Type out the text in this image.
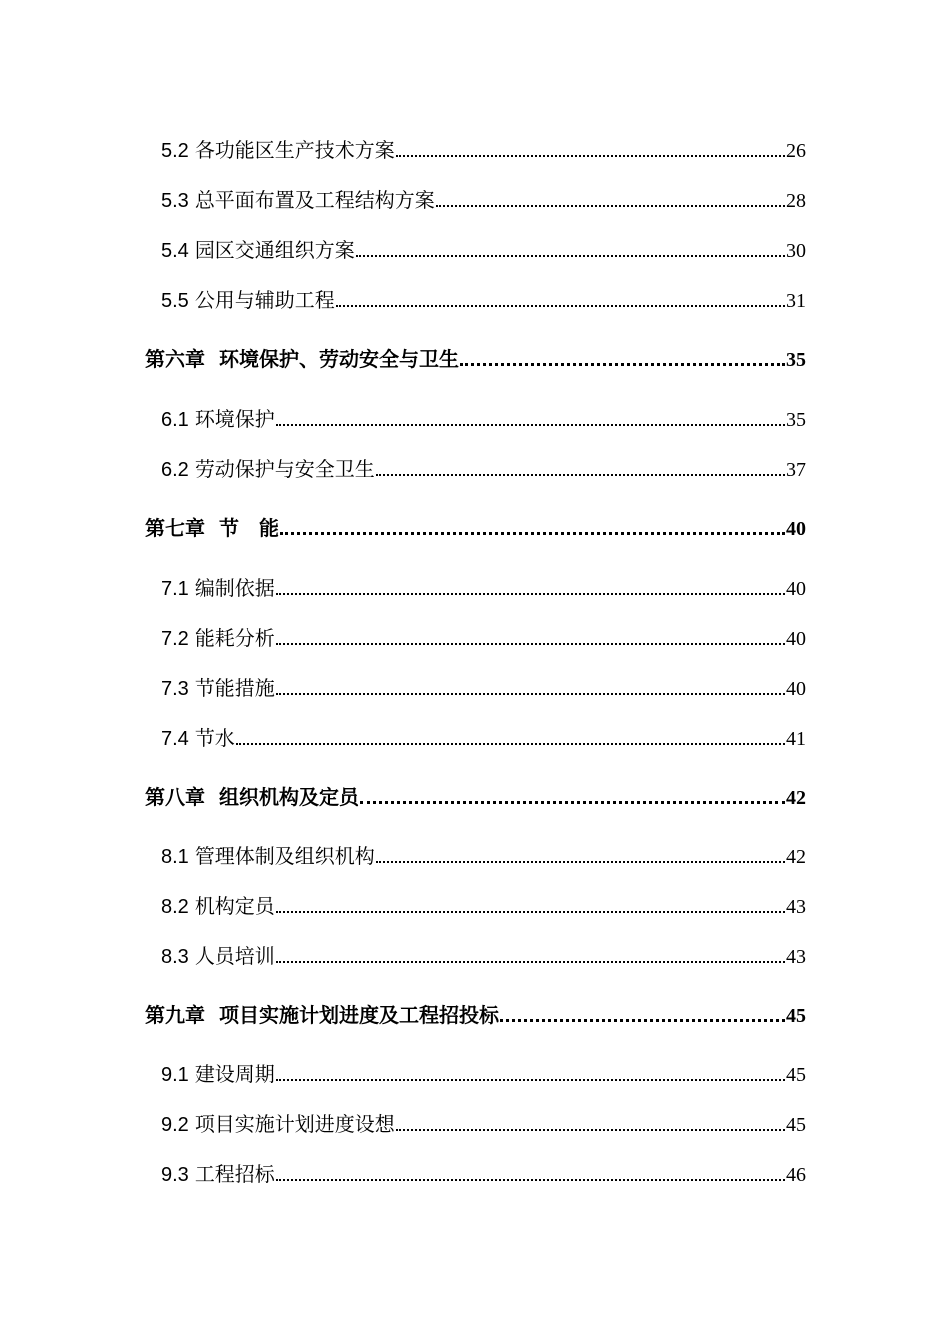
5.2 各功能区生产技术方案	26
5.3 总平面布置及工程结构方案	28
5.4 园区交通组织方案	30
5.5 公用与辅助工程	31
第六章 环境保护、劳动安全与卫生	35
6.1 环境保护	35
6.2 劳动保护与安全卫生	37
第七章 节　能	40
7.1 编制依据	40
7.2 能耗分析	40
7.3 节能措施	40
7.4 节水	41
第八章 组织机构及定员	42
8.1 管理体制及组织机构	42
8.2 机构定员	43
8.3 人员培训	43
第九章 项目实施计划进度及工程招投标	45
9.1 建设周期	45
9.2 项目实施计划进度设想	45
9.3 工程招标	46
